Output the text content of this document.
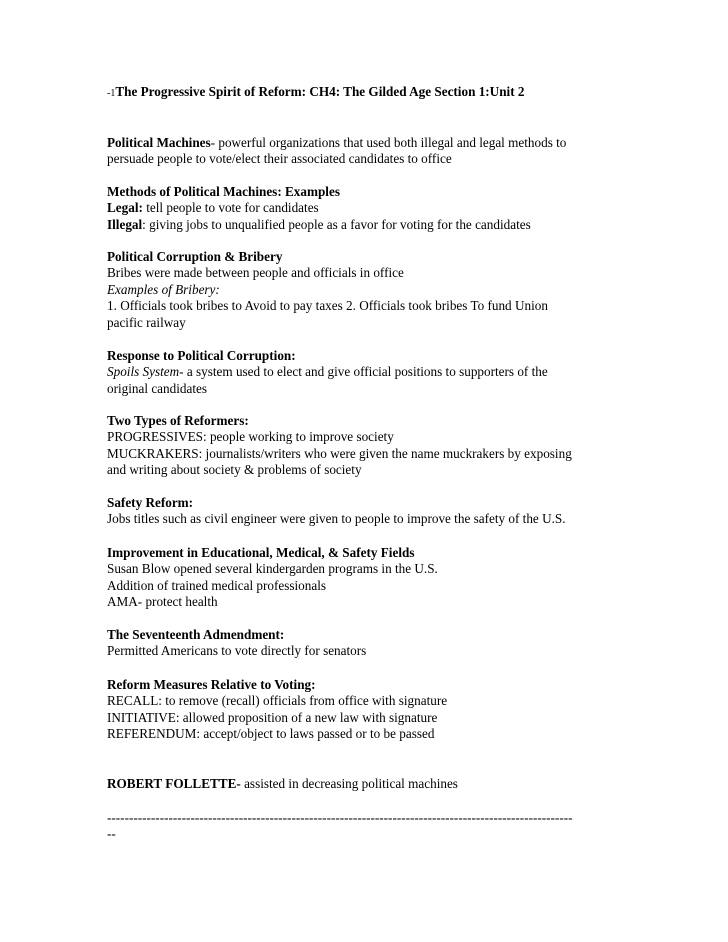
-1The Progressive Spirit of Reform: CH4: The Gilded Age Section 1:Unit 2
Political Machines- powerful organizations that used both illegal and legal methods to
persuade people to vote/elect their associated candidates to office
Methods of Political Machines: Examples
Legal: tell people to vote for candidates
Illegal: giving jobs to unqualified people as a favor for voting for the candidates
Political Corruption & Bribery
Bribes were made between people and officials in office
Examples of Bribery:
1. Officials took bribes to Avoid to pay taxes 2. Officials took bribes To fund Union
pacific railway
Response to Political Corruption:
Spoils System- a system used to elect and give official positions to supporters of the
original candidates
Two Types of Reformers:
PROGRESSIVES: people working to improve society
MUCKRAKERS: journalists/writers who were given the name muckrakers by exposing
and writing about society & problems of society
Safety Reform:
Jobs titles such as civil engineer were given to people to improve the safety of the U.S.
Improvement in Educational, Medical, & Safety Fields
Susan Blow opened several kindergarden programs in the U.S.
Addition of trained medical professionals
AMA- protect health
The Seventeenth Admendment:
Permitted Americans to vote directly for senators
Reform Measures Relative to Voting:
RECALL: to remove (recall) officials from office with signature
INITIATIVE: allowed proposition of a new law with signature
REFERENDUM: accept/object to laws passed or to be passed
ROBERT FOLLETTE- assisted in decreasing political machines
----------------------------------------------------------------------------------------------------------
--
